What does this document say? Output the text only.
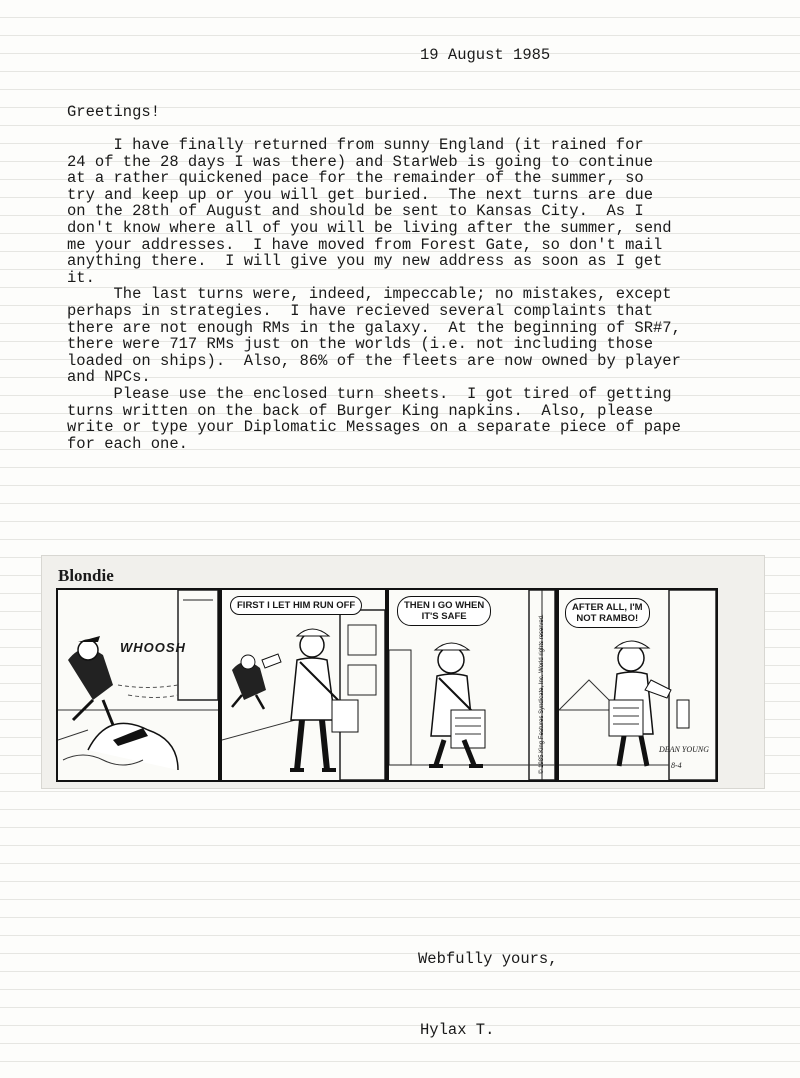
19 August 1985
Greetings!
I have finally returned from sunny England (it rained for
24 of the 28 days I was there) and StarWeb is going to continue
at a rather quickened pace for the remainder of the summer, so
try and keep up or you will get buried.  The next turns are due
on the 28th of August and should be sent to Kansas City.  As I
don't know where all of you will be living after the summer, send
me your addresses.  I have moved from Forest Gate, so don't mail
anything there.  I will give you my new address as soon as I get
it.
The last turns were, indeed, impeccable; no mistakes, except
perhaps in strategies.  I have recieved several complaints that
there are not enough RMs in the galaxy.  At the beginning of SR#7,
there were 717 RMs just on the worlds (i.e. not including those
loaded on ships).  Also, 86% of the fleets are now owned by player
and NPCs.
Please use the enclosed turn sheets.  I got tired of getting
turns written on the back of Burger King napkins.  Also, please
write or type your Diplomatic Messages on a separate piece of pape
for each one.
Blondie
WHOOSH
FIRST I LET HIM RUN OFF	THEN I GO WHEN
IT'S SAFE	© 1985 King Features Syndicate, Inc. World rights reserved.
AFTER ALL, I'M
NOT RAMBO!
DEAN YOUNG
8-4
Webfully yours,
Hylax T.
